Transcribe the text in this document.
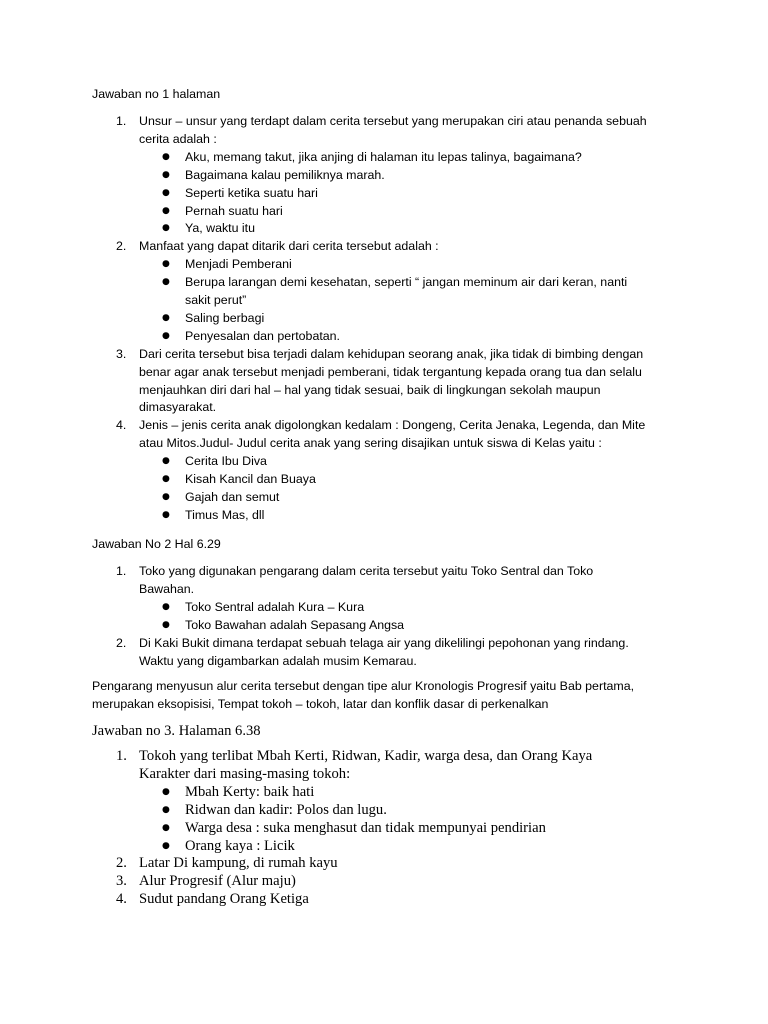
Jawaban no 1 halaman
1. Unsur – unsur yang terdapt dalam cerita tersebut yang merupakan ciri atau penanda sebuah
cerita adalah :
● Aku, memang takut, jika anjing di halaman itu lepas talinya, bagaimana?
● Bagaimana kalau pemiliknya marah.
● Seperti ketika suatu hari
● Pernah suatu hari
● Ya, waktu itu
2. Manfaat yang dapat ditarik dari cerita tersebut adalah :
● Menjadi Pemberani
● Berupa larangan demi kesehatan, seperti “ jangan meminum air dari keran, nanti
sakit perut”
● Saling berbagi
● Penyesalan dan pertobatan.
3. Dari cerita tersebut bisa terjadi dalam kehidupan seorang anak, jika tidak di bimbing dengan
benar agar anak tersebut menjadi pemberani, tidak tergantung kepada orang tua dan selalu
menjauhkan diri dari hal – hal yang tidak sesuai, baik di lingkungan sekolah maupun
dimasyarakat.
4. Jenis – jenis cerita anak digolongkan kedalam : Dongeng, Cerita Jenaka, Legenda, dan Mite
atau Mitos.Judul- Judul cerita anak yang sering disajikan untuk siswa di Kelas yaitu :
● Cerita Ibu Diva
● Kisah Kancil dan Buaya
● Gajah dan semut
● Timus Mas, dll
Jawaban No 2 Hal 6.29
1. Toko yang digunakan pengarang dalam cerita tersebut yaitu Toko Sentral dan Toko
Bawahan.
● Toko Sentral adalah Kura – Kura
● Toko Bawahan adalah Sepasang Angsa
2. Di Kaki Bukit dimana terdapat sebuah telaga air yang dikelilingi pepohonan yang rindang.
Waktu yang digambarkan adalah musim Kemarau.
Pengarang menyusun alur cerita tersebut dengan tipe alur Kronologis Progresif yaitu Bab pertama,
merupakan eksopisisi, Tempat tokoh – tokoh, latar dan konflik dasar di perkenalkan
Jawaban no 3. Halaman 6.38
1. Tokoh yang terlibat Mbah Kerti, Ridwan, Kadir, warga desa, dan Orang Kaya
Karakter dari masing-masing tokoh:
● Mbah Kerty: baik hati
● Ridwan dan kadir: Polos dan lugu.
● Warga desa : suka menghasut dan tidak mempunyai pendirian
● Orang kaya : Licik
2. Latar Di kampung, di rumah kayu
3. Alur Progresif (Alur maju)
4. Sudut pandang Orang Ketiga
